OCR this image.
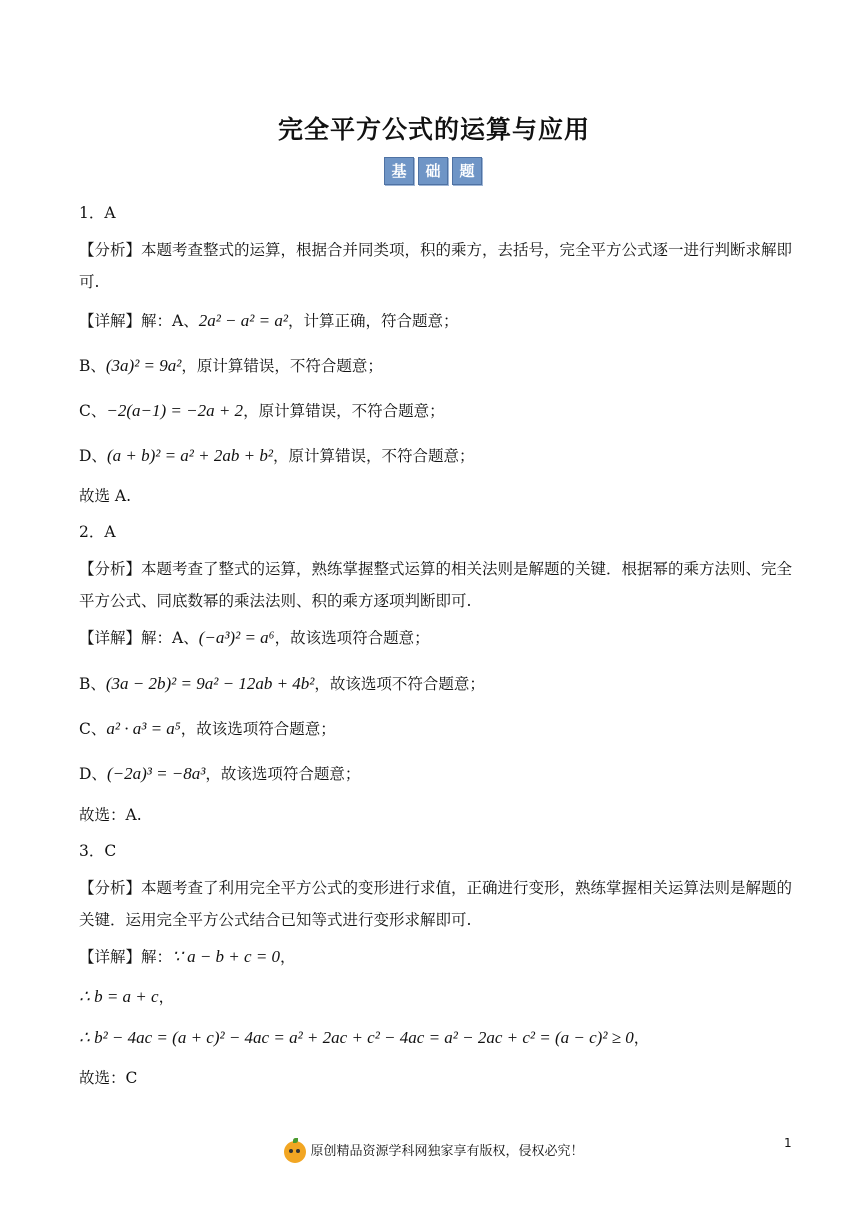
完全平方公式的运算与应用
基	础	题
1．A
【分析】本题考查整式的运算，根据合并同类项，积的乘方，去括号，完全平方公式逐一进行判断求解即可.
【详解】解：A、2a² − a² = a²，计算正确，符合题意；
B、(3a)² = 9a²，原计算错误，不符合题意；
C、−2(a−1) = −2a + 2，原计算错误，不符合题意；
D、(a + b)² = a² + 2ab + b²，原计算错误，不符合题意；
故选 A.
2．A
【分析】本题考查了整式的运算，熟练掌握整式运算的相关法则是解题的关键．根据幂的乘方法则、完全平方公式、同底数幂的乘法法则、积的乘方逐项判断即可.
【详解】解：A、(−a³)² = a⁶，故该选项符合题意；
B、(3a − 2b)² = 9a² − 12ab + 4b²，故该选项不符合题意；
C、a² · a³ = a⁵，故该选项符合题意；
D、(−2a)³ = −8a³，故该选项符合题意；
故选：A.
3．C
【分析】本题考查了利用完全平方公式的变形进行求值，正确进行变形，熟练掌握相关运算法则是解题的关键．运用完全平方公式结合已知等式进行变形求解即可.
【详解】解：∵ a − b + c = 0，
∴ b = a + c，
∴ b² − 4ac = (a + c)² − 4ac = a² + 2ac + c² − 4ac = a² − 2ac + c² = (a − c)² ≥ 0，
故选：C
原创精品资源学科网独家享有版权，侵权必究！
1
